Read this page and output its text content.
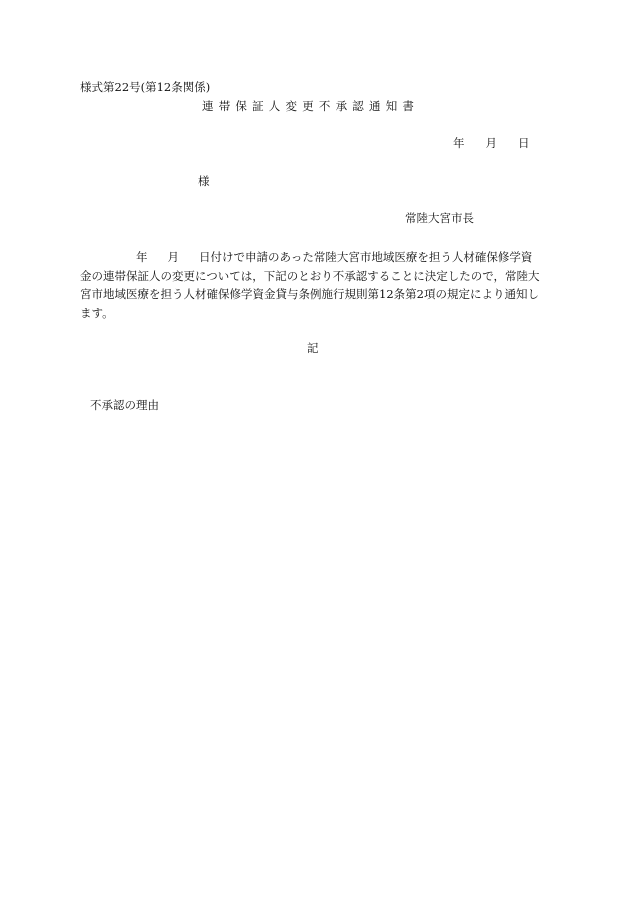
様式第22号(第12条関係)
連帯保証人変更不承認通知書
年 月 日
様
常陸大宮市長
年 月 日付けで申請のあった常陸大宮市地域医療を担う人材確保修学資
金の連帯保証人の変更については，下記のとおり不承認することに決定したので，常陸大
宮市地域医療を担う人材確保修学資金貸与条例施行規則第12条第2項の規定により通知し
ます。
記
不承認の理由
